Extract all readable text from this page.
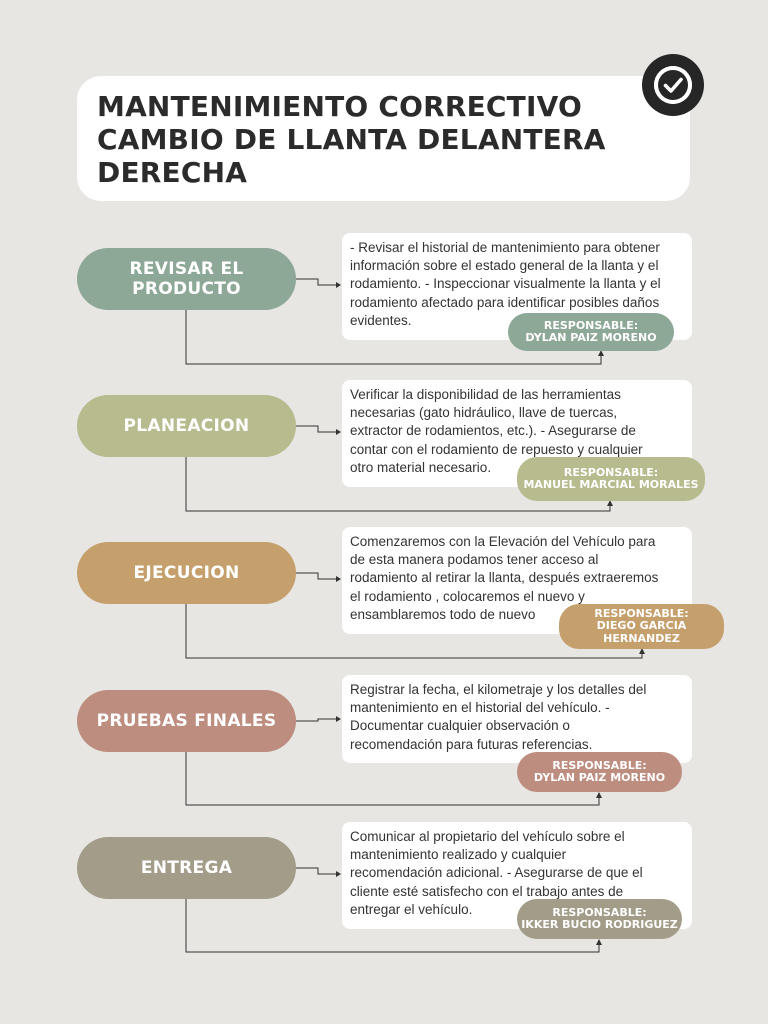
MANTENIMIENTO CORRECTIVO
CAMBIO DE LLANTA DELANTERA
DERECHA
REVISAR EL
PRODUCTO
- Revisar el historial de mantenimiento para obtener
información sobre el estado general de la llanta y el
rodamiento. - Inspeccionar visualmente la llanta y el
rodamiento afectado para identificar posibles daños
evidentes.	RESPONSABLE:
DYLAN PAIZ MORENO
PLANEACION
Verificar la disponibilidad de las herramientas
necesarias (gato hidráulico, llave de tuercas,
extractor de rodamientos, etc.). - Asegurarse de
contar con el rodamiento de repuesto y cualquier
otro material necesario.	RESPONSABLE:
MANUEL MARCIAL MORALES
EJECUCION
Comenzaremos con la Elevación del Vehículo para
de esta manera podamos tener acceso al
rodamiento al retirar la llanta, después extraeremos
el rodamiento , colocaremos el nuevo y
ensamblaremos todo de nuevo	RESPONSABLE:
DIEGO GARCIA
HERNANDEZ
PRUEBAS FINALES
Registrar la fecha, el kilometraje y los detalles del
mantenimiento en el historial del vehículo. -
Documentar cualquier observación o
recomendación para futuras referencias.
RESPONSABLE:
DYLAN PAIZ MORENO
ENTREGA
Comunicar al propietario del vehículo sobre el
mantenimiento realizado y cualquier
recomendación adicional. - Asegurarse de que el
cliente esté satisfecho con el trabajo antes de
entregar el vehículo.	RESPONSABLE:
IKKER BUCIO RODRIGUEZ
